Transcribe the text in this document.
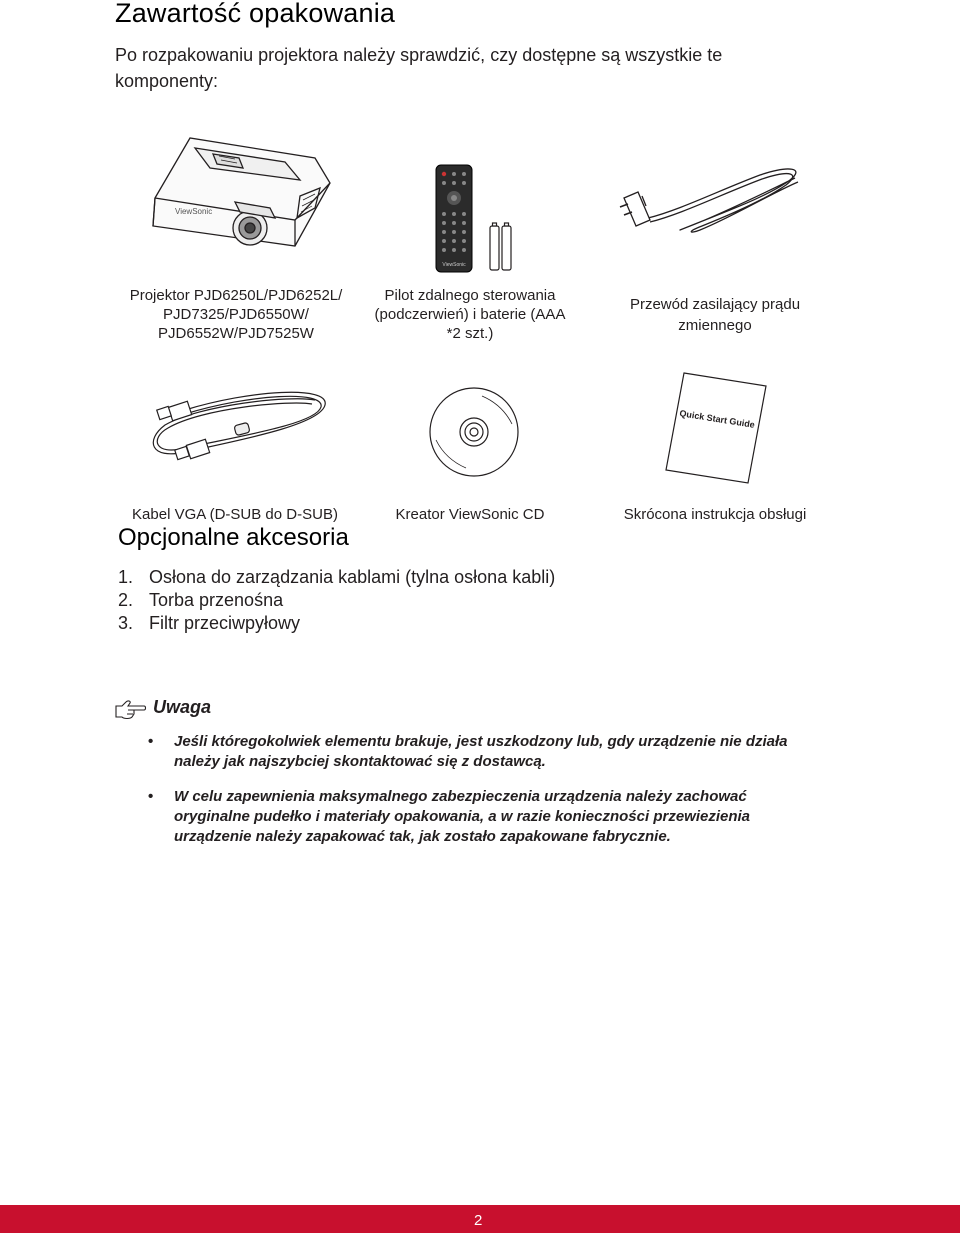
Zawartość opakowania
Po rozpakowaniu projektora należy sprawdzić, czy dostępne są wszystkie te komponenty:
ViewSonic
ViewSonic
Projektor PJD6250L/PJD6252L/
PJD7325/PJD6550W/
PJD6552W/PJD7525W
Pilot zdalnego sterowania
(podczerwień) i baterie (AAA
*2 szt.)
Przewód zasilający prądu
zmiennego
Quick Start Guide
Kabel VGA (D-SUB do D-SUB)	Kreator ViewSonic CD	Skrócona instrukcja obsługi
Opcjonalne akcesoria
1. Osłona do zarządzania kablami (tylna osłona kabli)
2. Torba przenośna
3. Filtr przeciwpyłowy
Uwaga
• Jeśli któregokolwiek elementu brakuje, jest uszkodzony lub, gdy urządzenie nie działa
należy jak najszybciej skontaktować się z dostawcą.
• W celu zapewnienia maksymalnego zabezpieczenia urządzenia należy zachować
oryginalne pudełko i materiały opakowania, a w razie konieczności przewiezienia
urządzenie należy zapakować tak, jak zostało zapakowane fabrycznie.
2
